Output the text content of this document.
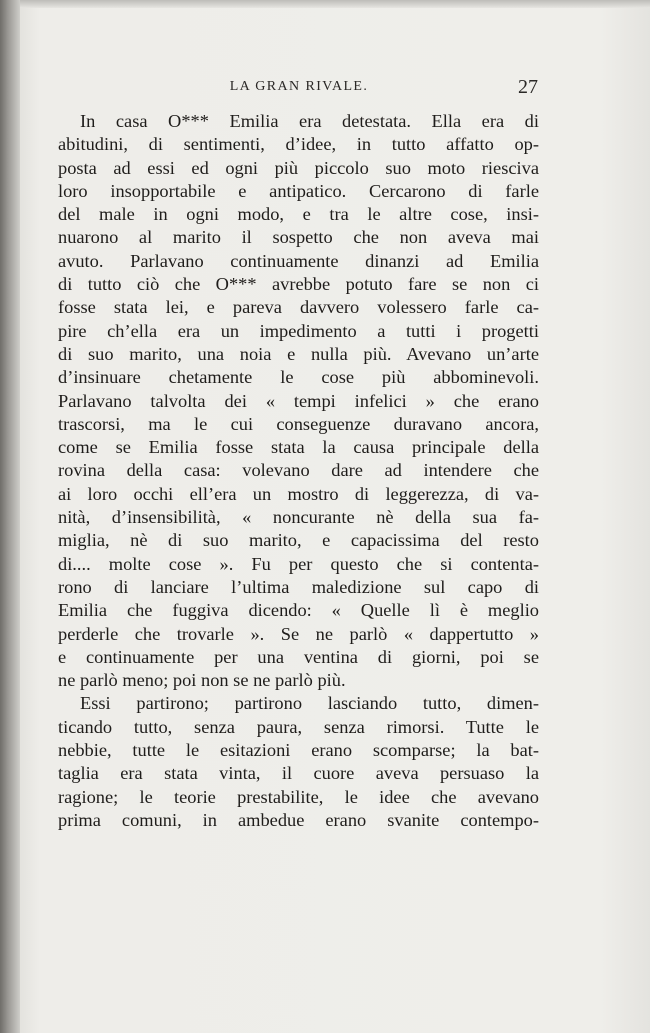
LA GRAN RIVALE.	27
In casa O*** Emilia era detestata. Ella era di
abitudini, di sentimenti, d’idee, in tutto affatto op-
posta ad essi ed ogni più piccolo suo moto riesciva
loro insopportabile e antipatico. Cercarono di farle
del male in ogni modo, e tra le altre cose, insi-
nuarono al marito il sospetto che non aveva mai
avuto. Parlavano continuamente dinanzi ad Emilia
di tutto ciò che O*** avrebbe potuto fare se non ci
fosse stata lei, e pareva davvero volessero farle ca-
pire ch’ella era un impedimento a tutti i progetti
di suo marito, una noia e nulla più. Avevano un’arte
d’insinuare chetamente le cose più abbominevoli.
Parlavano talvolta dei « tempi infelici » che erano
trascorsi, ma le cui conseguenze duravano ancora,
come se Emilia fosse stata la causa principale della
rovina della casa: volevano dare ad intendere che
ai loro occhi ell’era un mostro di leggerezza, di va-
nità, d’insensibilità, « noncurante nè della sua fa-
miglia, nè di suo marito, e capacissima del resto
di.... molte cose ». Fu per questo che si contenta-
rono di lanciare l’ultima maledizione sul capo di
Emilia che fuggiva dicendo: « Quelle lì è meglio
perderle che trovarle ». Se ne parlò « dappertutto »
e continuamente per una ventina di giorni, poi se
ne parlò meno; poi non se ne parlò più.
Essi partirono; partirono lasciando tutto, dimen-
ticando tutto, senza paura, senza rimorsi. Tutte le
nebbie, tutte le esitazioni erano scomparse; la bat-
taglia era stata vinta, il cuore aveva persuaso la
ragione; le teorie prestabilite, le idee che avevano
prima comuni, in ambedue erano svanite contempo-
